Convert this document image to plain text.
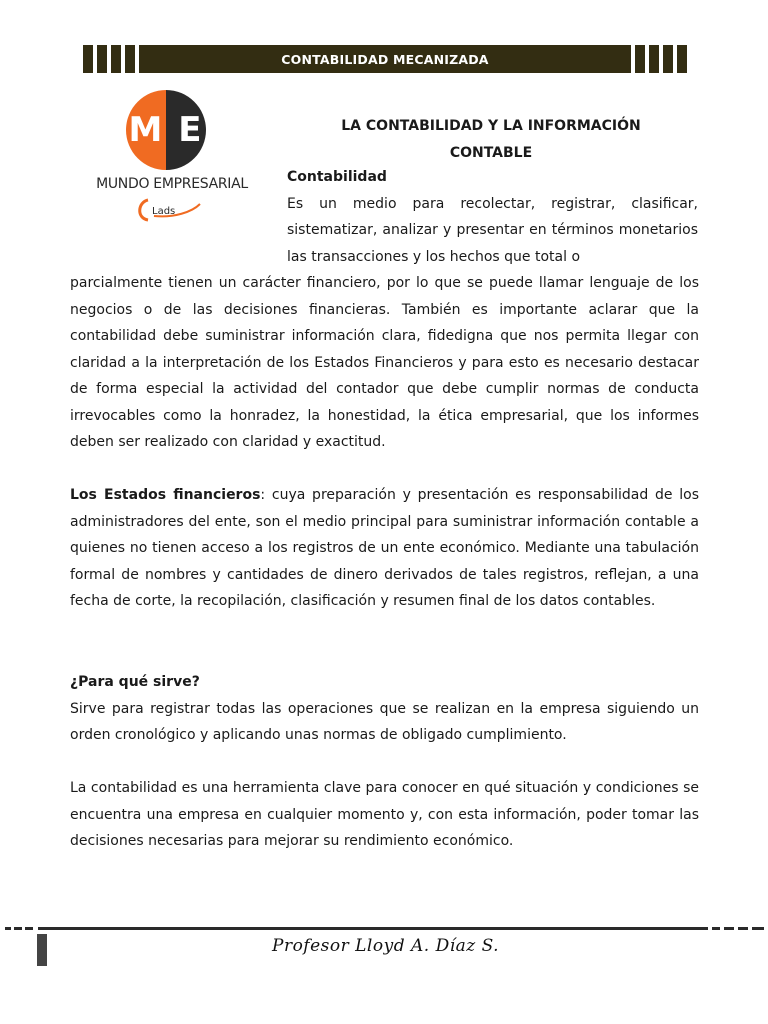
CONTABILIDAD MECANIZADA
M E
MUNDO EMPRESARIAL
Lads
LA CONTABILIDAD Y LA INFORMACIÓN
CONTABLE
Contabilidad
Es un medio para recolectar, registrar, clasificar, sistematizar, analizar y presentar en términos monetarios las transacciones y los hechos que total o
parcialmente tienen un carácter financiero, por lo que se puede llamar lenguaje de los negocios o de las decisiones financieras. También es importante aclarar que la contabilidad debe suministrar información clara, fidedigna que nos permita llegar con claridad a la interpretación de los Estados Financieros y para esto es necesario destacar de forma especial la actividad del contador que debe cumplir normas de conducta irrevocables como la honradez, la honestidad, la ética empresarial, que los informes deben ser realizado con claridad y exactitud.
Los Estados financieros: cuya preparación y presentación es responsabilidad de los administradores del ente, son el medio principal para suministrar información contable a quienes no tienen acceso a los registros de un ente económico. Mediante una tabulación formal de nombres y cantidades de dinero derivados de tales registros, reflejan, a una fecha de corte, la recopilación, clasificación y resumen final de los datos contables.
¿Para qué sirve?
Sirve para registrar todas las operaciones que se realizan en la empresa siguiendo un orden cronológico y aplicando unas normas de obligado cumplimiento.
La contabilidad es una herramienta clave para conocer en qué situación y condiciones se encuentra una empresa en cualquier momento y, con esta información, poder tomar las decisiones necesarias para mejorar su rendimiento económico.
Profesor Lloyd A. Díaz S.
